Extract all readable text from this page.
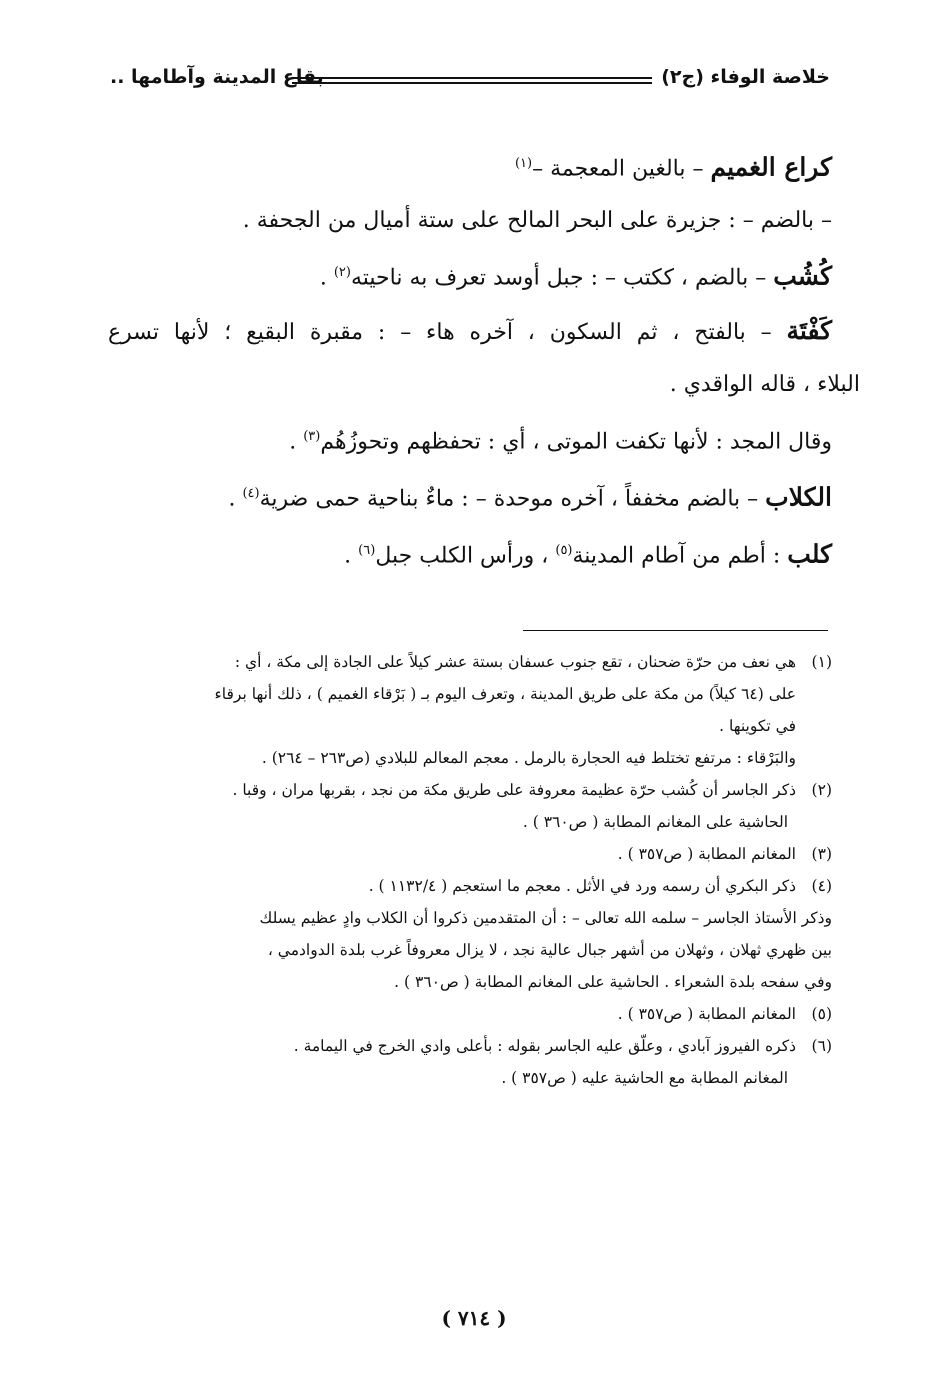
خلاصة الوفاء (ج٢)
بقاع المدينة وآطامها ..
كراع الغميم – بالغين المعجمة –$^{(١)}$
– بالضم – : جزيرة على البحر المالح على ستة أميال من الجحفة .
كُشُب – بالضم ، ككتب – : جبل أوسد تعرف به ناحيته$^{(٢)}$ .
كَفْتَة – بالفتح ، ثم السكون ، آخره هاء – : مقبرة البقيع ؛ لأنها تسرع
البلاء ، قاله الواقدي .
وقال المجد : لأنها تكفت الموتى ، أي : تحفظهم وتحوزُهُم$^{(٣)}$ .
الكلاب – بالضم مخففاً ، آخره موحدة – : ماءٌ بناحية حمى ضرية$^{(٤)}$ .
كلب : أطم من آطام المدينة$^{(٥)}$ ، ورأس الكلب جبل$^{(٦)}$ .
(١)
هي نعف من حرّة ضحنان ، تقع جنوب عسفان بستة عشر كيلاً على الجادة إلى مكة ، أي :
على (٦٤ كيلاً) من مكة على طريق المدينة ، وتعرف اليوم بـ ( بَرْقاء الغميم ) ، ذلك أنها برقاء
في تكوينها .
والبَرْقاء : مرتفع تختلط فيه الحجارة بالرمل . معجم المعالم للبلادي (ص٢٦٣ – ٢٦٤) .
(٢)
ذكر الجاسر أن كُشب حرّة عظيمة معروفة على طريق مكة من نجد ، بقربها مران ، وقبا .
الحاشية على المغانم المطابة ( ص٣٦٠ ) .
(٣)
المغانم المطابة ( ص٣٥٧ ) .
(٤)
ذكر البكري أن رسمه ورد في الأثل . معجم ما استعجم ( ١١٣٢/٤ ) .
وذكر الأستاذ الجاسر – سلمه الله تعالى – : أن المتقدمين ذكروا أن الكلاب وادٍ عظيم يسلك
بين ظهري ثهلان ، وثهلان من أشهر جبال عالية نجد ، لا يزال معروفاً غرب بلدة الدوادمي ،
وفي سفحه بلدة الشعراء . الحاشية على المغانم المطابة ( ص٣٦٠ ) .
(٥)
المغانم المطابة ( ص٣٥٧ ) .
(٦)
ذكره الفيروز آبادي ، وعلّق عليه الجاسر بقوله : بأعلى وادي الخرج في اليمامة .
المغانم المطابة مع الحاشية عليه ( ص٣٥٧ ) .
( ٧١٤ )
